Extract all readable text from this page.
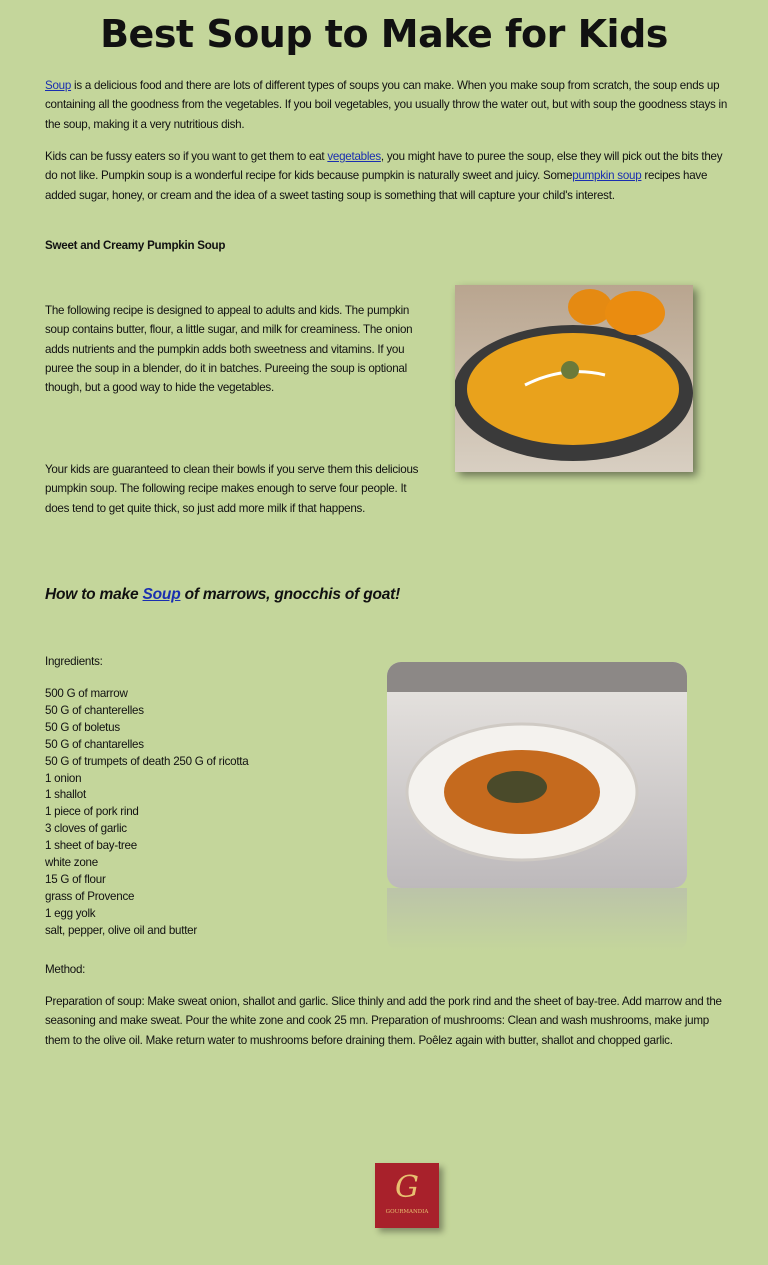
Best Soup to Make for Kids
Soup is a delicious food and there are lots of different types of soups you can make. When you make soup from scratch, the soup ends up containing all the goodness from the vegetables. If you boil vegetables, you usually throw the water out, but with soup the goodness stays in the soup, making it a very nutritious dish.
Kids can be fussy eaters so if you want to get them to eat vegetables, you might have to puree the soup, else they will pick out the bits they do not like. Pumpkin soup is a wonderful recipe for kids because pumpkin is naturally sweet and juicy. Somepumpkin soup recipes have added sugar, honey, or cream and the idea of a sweet tasting soup is something that will capture your child's interest.
Sweet and Creamy Pumpkin Soup
The following recipe is designed to appeal to adults and kids. The pumpkin soup contains butter, flour, a little sugar, and milk for creaminess. The onion adds nutrients and the pumpkin adds both sweetness and vitamins. If you puree the soup in a blender, do it in batches. Pureeing the soup is optional though, but a good way to hide the vegetables.
Your kids are guaranteed to clean their bowls if you serve them this delicious pumpkin soup. The following recipe makes enough to serve four people. It does tend to get quite thick, so just add more milk if that happens.
How to make Soup of marrows, gnocchis of goat!
Ingredients:
500 G of marrow
50 G of chanterelles
50 G of boletus
50 G of chantarelles
50 G of trumpets of death 250 G of ricotta
1 onion
1 shallot
1 piece of pork rind
3 cloves of garlic
1 sheet of bay-tree
white zone
15 G of flour
grass of Provence
1 egg yolk
salt, pepper, olive oil and butter
Method:
Preparation of soup: Make sweat onion, shallot and garlic. Slice thinly and add the pork rind and the sheet of bay-tree. Add marrow and the seasoning and make sweat. Pour the white zone and cook 25 mn. Preparation of mushrooms: Clean and wash mushrooms, make jump them to the olive oil. Make return water to mushrooms before draining them. Poêlez again with butter, shallot and chopped garlic.
G
GOURMANDIA
